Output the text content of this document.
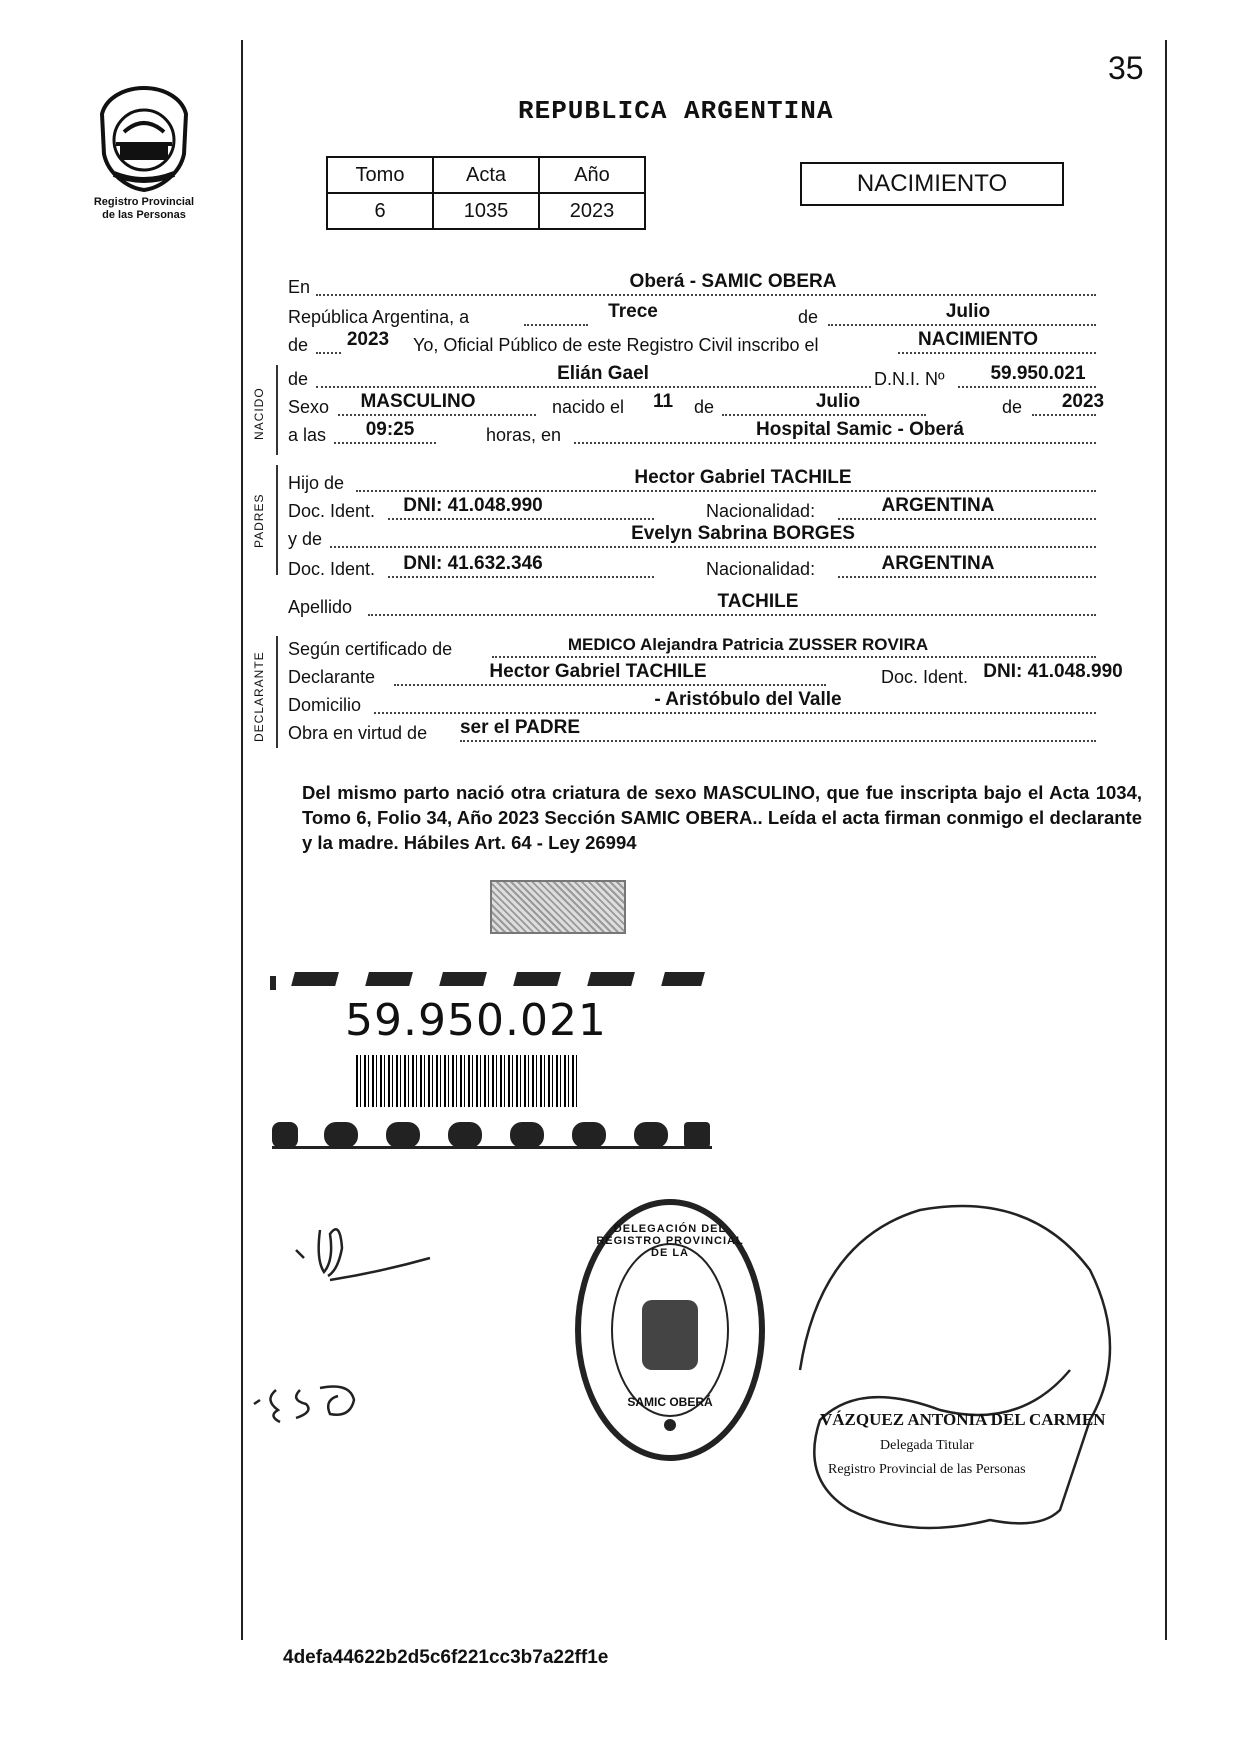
35
Registro Provincial
de las Personas
REPUBLICA ARGENTINA
Tomo	Acta	Año
6	1035	2023
NACIMIENTO
NACIDO
PADRES
DECLARANTE
En	Oberá - SAMIC OBERA
República Argentina, a	Trece	de	Julio
de 2023 Yo, Oficial Público de este Registro Civil inscribo el	NACIMIENTO
de	Elián Gael	D.N.I. Nº 59.950.021
Sexo MASCULINO	nacido el 11 de	Julio	de 2023
a las 09:25	horas, en	Hospital Samic - Oberá
Hijo de	Hector Gabriel TACHILE
Doc. Ident. DNI: 41.048.990	Nacionalidad:	ARGENTINA
y de	Evelyn Sabrina BORGES
Doc. Ident. DNI: 41.632.346	Nacionalidad:	ARGENTINA
Apellido	TACHILE
Según certificado de	MEDICO Alejandra Patricia ZUSSER ROVIRA
Declarante	Hector Gabriel TACHILE	Doc. Ident. DNI: 41.048.990
Domicilio	- Aristóbulo del Valle
Obra en virtud de ser el PADRE
Del mismo parto nació otra criatura de sexo MASCULINO, que fue inscripta bajo el Acta 1034, Tomo 6, Folio 34, Año 2023 Sección SAMIC OBERA.. Leída el acta firman conmigo el declarante y la madre. Hábiles Art. 64 - Ley 26994

59.950.021
DELEGACIÓN DEL REGISTRO PROVINCIAL DE LA
SAMIC OBERÁ
VÁZQUEZ ANTONIA DEL CARMEN
Delegada Titular
Registro Provincial de las Personas
4defa44622b2d5c6f221cc3b7a22ff1e
